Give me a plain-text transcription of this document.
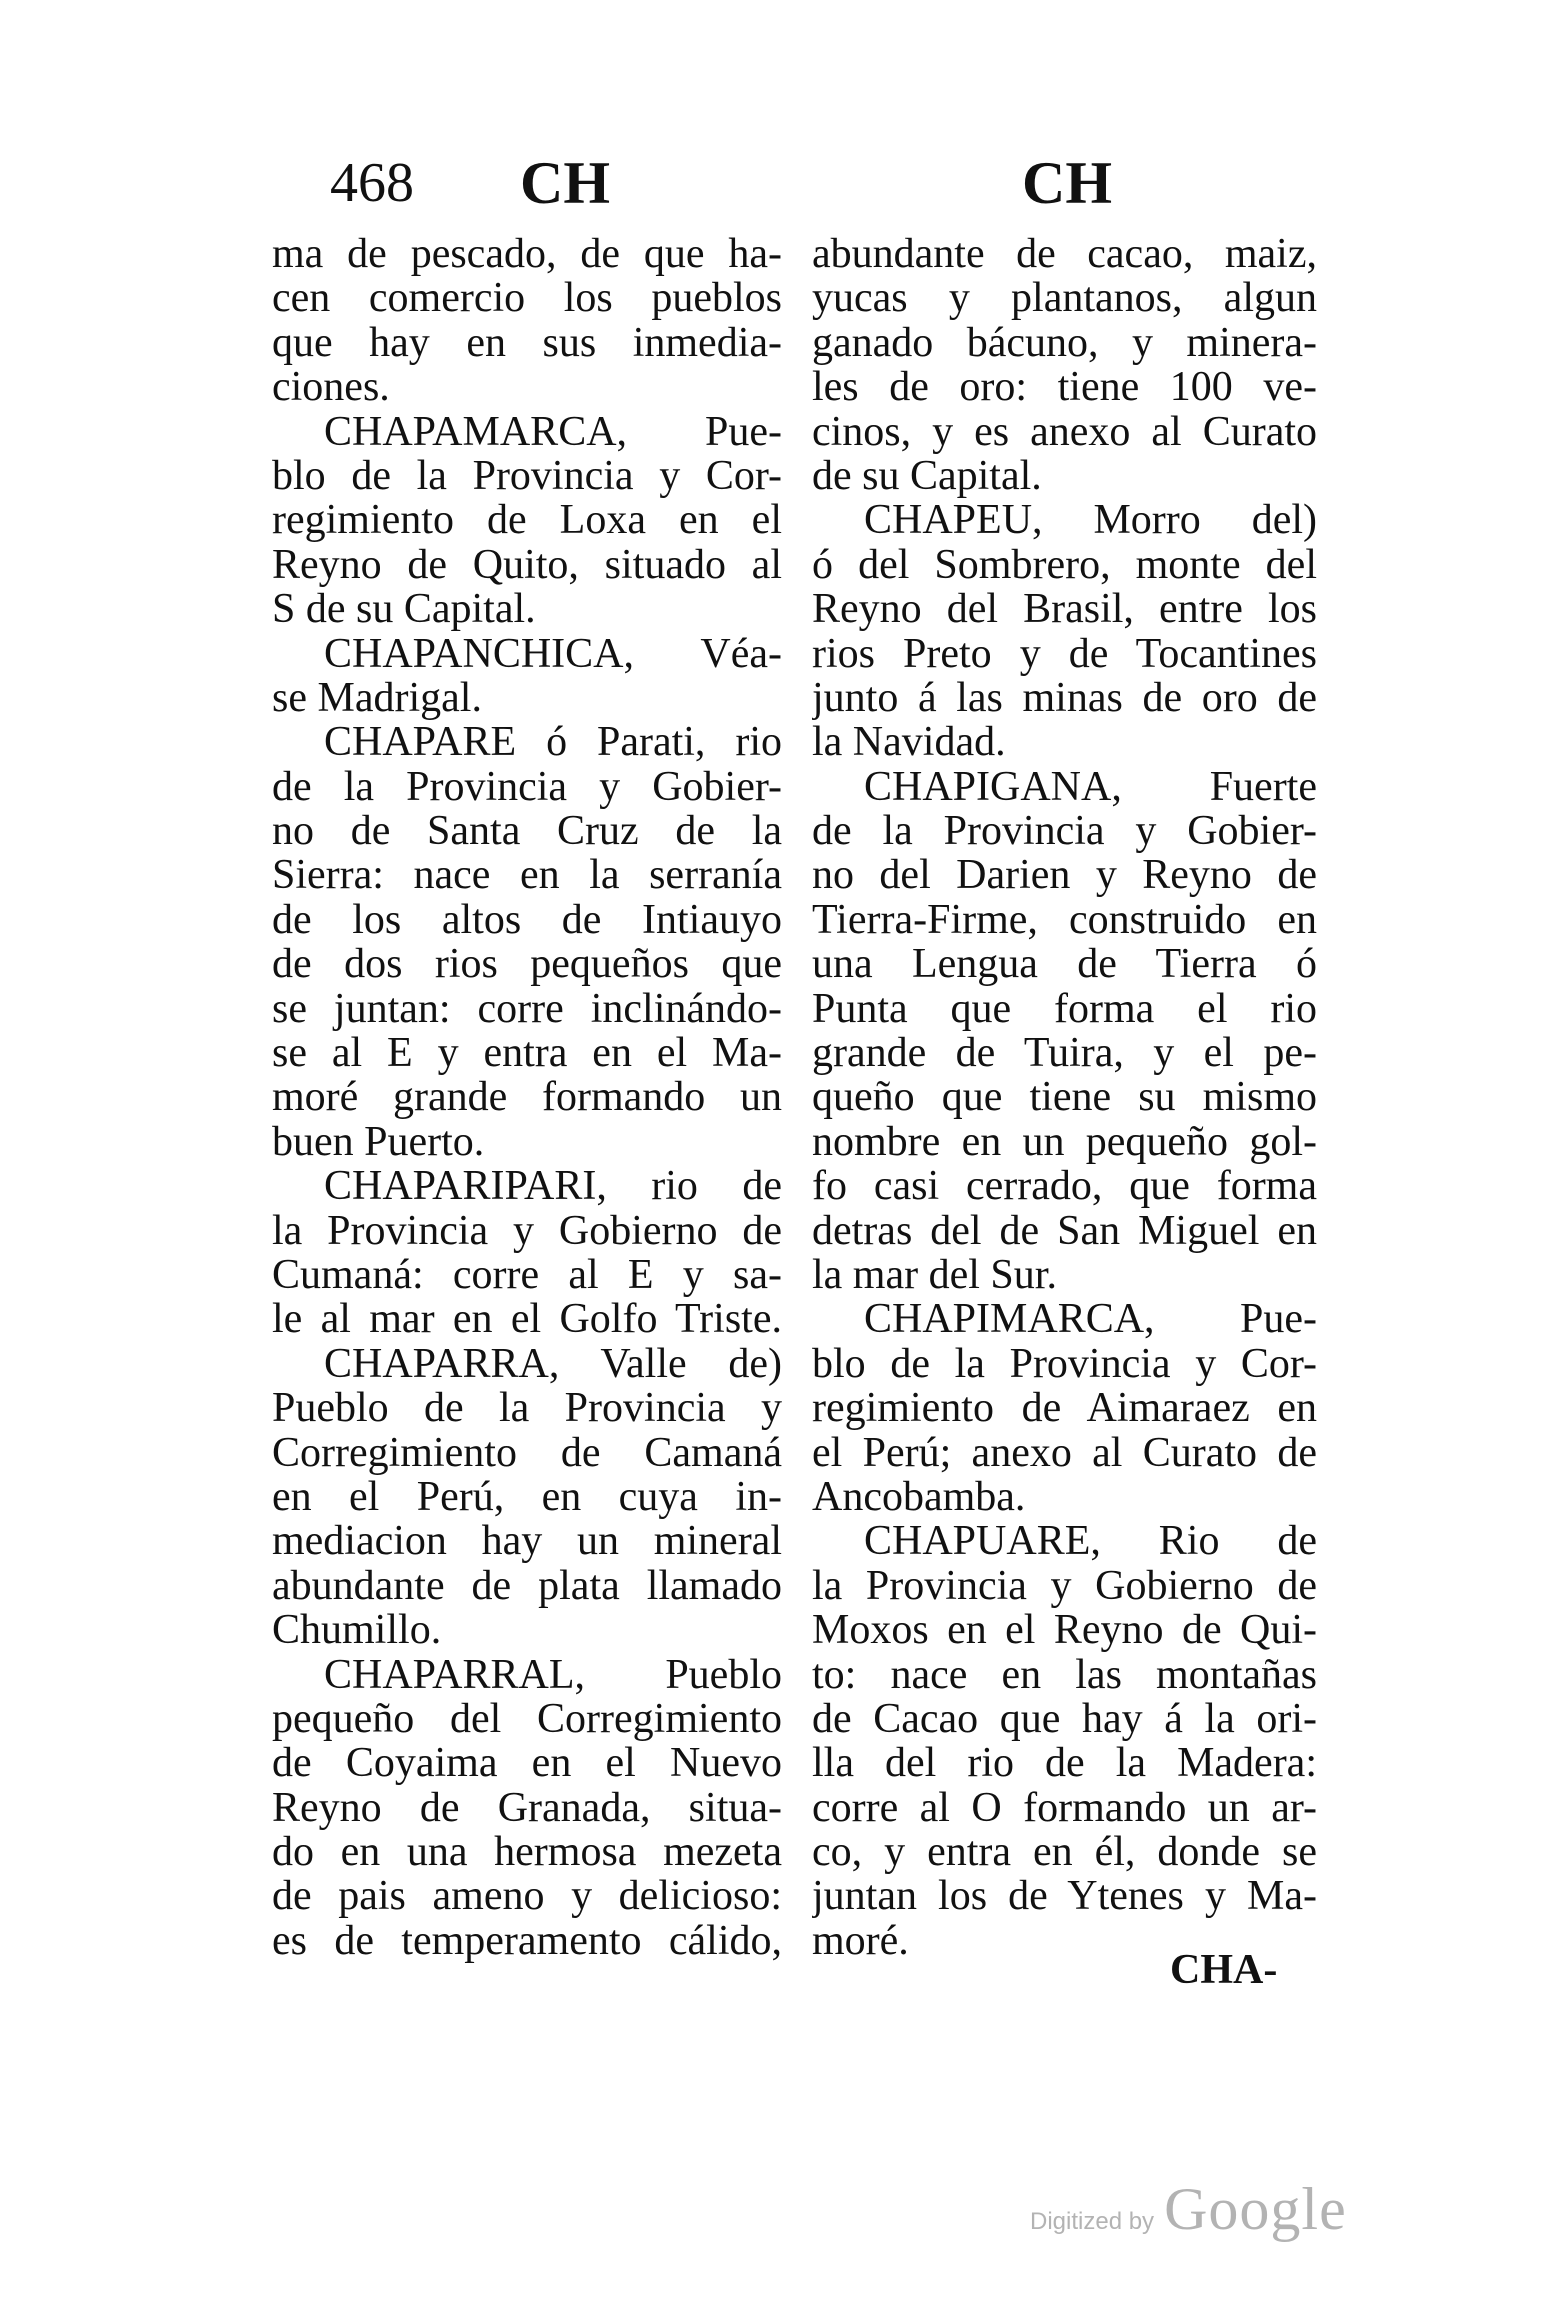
468 CH	CH
ma de pescado, de que ha-
cen comercio los pueblos
que hay en sus inmedia-
ciones.
CHAPAMARCA, Pue-
blo de la Provincia y Cor-
regimiento de Loxa en el
Reyno de Quito, situado al
S de su Capital.
CHAPANCHICA, Véa-
se Madrigal.
CHAPARE ó Parati, rio
de la Provincia y Gobier-
no de Santa Cruz de la
Sierra: nace en la serranía
de los altos de Intiauyo
de dos rios pequeños que
se juntan: corre inclinándo-
se al E y entra en el Ma-
moré grande formando un
buen Puerto.
CHAPARIPARI, rio de
la Provincia y Gobierno de
Cumaná: corre al E y sa-
le al mar en el Golfo Triste.
CHAPARRA, Valle de)
Pueblo de la Provincia y
Corregimiento de Camaná
en el Perú, en cuya in-
mediacion hay un mineral
abundante de plata llamado
Chumillo.
CHAPARRAL, Pueblo
pequeño del Corregimiento
de Coyaima en el Nuevo
Reyno de Granada, situa-
do en una hermosa mezeta
de pais ameno y delicioso:
es de temperamento cálido,
abundante de cacao, maiz,
yucas y plantanos, algun
ganado bácuno, y minera-
les de oro: tiene 100 ve-
cinos, y es anexo al Curato
de su Capital.
CHAPEU, Morro del)
ó del Sombrero, monte del
Reyno del Brasil, entre los
rios Preto y de Tocantines
junto á las minas de oro de
la Navidad.
CHAPIGANA, Fuerte
de la Provincia y Gobier-
no del Darien y Reyno de
Tierra-Firme, construido en
una Lengua de Tierra ó
Punta que forma el rio
grande de Tuira, y el pe-
queño que tiene su mismo
nombre en un pequeño gol-
fo casi cerrado, que forma
detras del de San Miguel en
la mar del Sur.
CHAPIMARCA, Pue-
blo de la Provincia y Cor-
regimiento de Aimaraez en
el Perú; anexo al Curato de
Ancobamba.
CHAPUARE, Rio de
la Provincia y Gobierno de
Moxos en el Reyno de Qui-
to: nace en las montañas
de Cacao que hay á la ori-
lla del rio de la Madera:
corre al O formando un ar-
co, y entra en él, donde se
juntan los de Ytenes y Ma-
moré.
CHA-
Digitized by Google
